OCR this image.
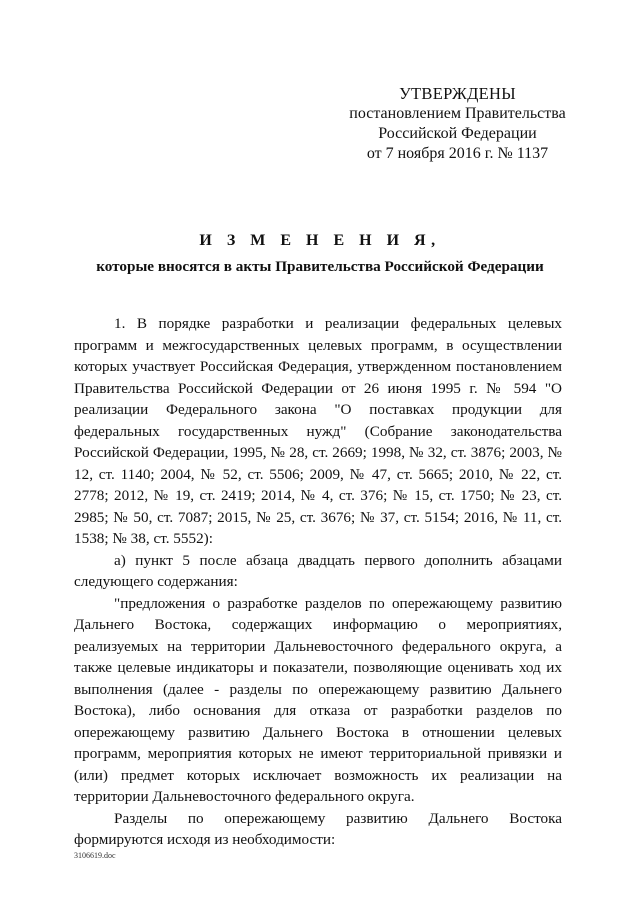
УТВЕРЖДЕНЫ
постановлением Правительства
Российской Федерации
от 7 ноября 2016 г. № 1137
И З М Е Н Е Н И Я,
которые вносятся в акты Правительства Российской Федерации

1. В порядке разработки и реализации федеральных целевых программ и межгосударственных целевых программ, в осуществлении которых участвует Российская Федерация, утвержденном постановлением Правительства Российской Федерации от 26 июня 1995 г. № 594 "О реализации Федерального закона "О поставках продукции для федеральных государственных нужд" (Собрание законодательства Российской Федерации, 1995, № 28, ст. 2669; 1998, № 32, ст. 3876; 2003, № 12, ст. 1140; 2004, № 52, ст. 5506; 2009, № 47, ст. 5665; 2010, № 22, ст. 2778; 2012, № 19, ст. 2419; 2014, № 4, ст. 376; № 15, ст. 1750; № 23, ст. 2985; № 50, ст. 7087; 2015, № 25, ст. 3676; № 37, ст. 5154; 2016, № 11, ст. 1538; № 38, ст. 5552):

а) пункт 5 после абзаца двадцать первого дополнить абзацами следующего содержания:

"предложения о разработке разделов по опережающему развитию Дальнего Востока, содержащих информацию о мероприятиях, реализуемых на территории Дальневосточного федерального округа, а также целевые индикаторы и показатели, позволяющие оценивать ход их выполнения (далее - разделы по опережающему развитию Дальнего Востока), либо основания для отказа от разработки разделов по опережающему развитию Дальнего Востока в отношении целевых программ, мероприятия которых не имеют территориальной привязки и (или) предмет которых исключает возможность их реализации на территории Дальневосточного федерального округа.

Разделы по опережающему развитию Дальнего Востока формируются исходя из необходимости:

3106619.doc
